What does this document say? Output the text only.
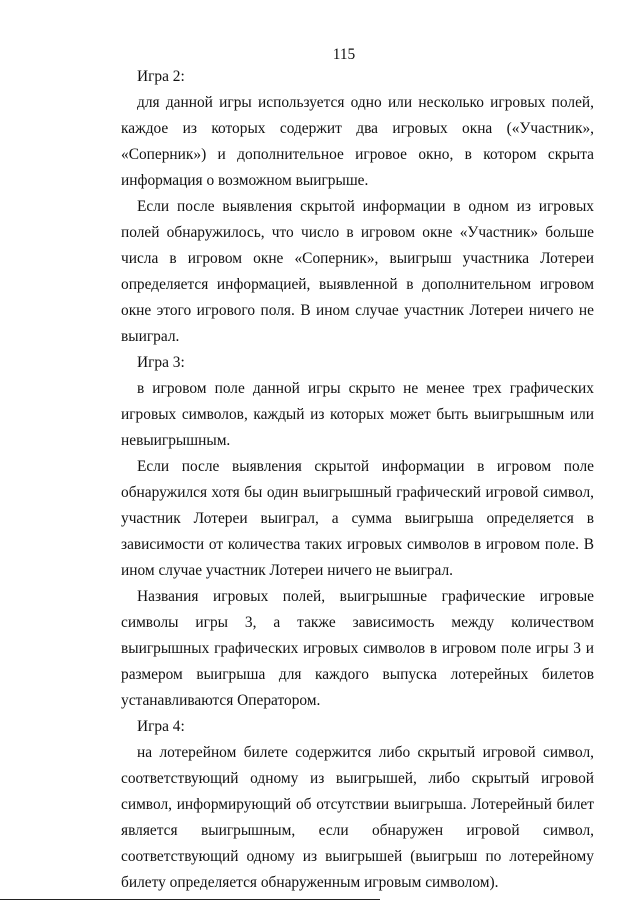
115

Игра 2:

для данной игры используется одно или несколько игровых полей, каждое из которых содержит два игровых окна («Участник», «Соперник») и дополнительное игровое окно, в котором скрыта информация о возможном выигрыше.

Если после выявления скрытой информации в одном из игровых полей обнаружилось, что число в игровом окне «Участник» больше числа в игровом окне «Соперник», выигрыш участника Лотереи определяется информацией, выявленной в дополнительном игровом окне этого игрового поля. В ином случае участник Лотереи ничего не выиграл.

Игра 3:

в игровом поле данной игры скрыто не менее трех графических игровых символов, каждый из которых может быть выигрышным или невыигрышным.

Если после выявления скрытой информации в игровом поле обнаружился хотя бы один выигрышный графический игровой символ, участник Лотереи выиграл, а сумма выигрыша определяется в зависимости от количества таких игровых символов в игровом поле. В ином случае участник Лотереи ничего не выиграл.

Названия игровых полей, выигрышные графические игровые символы игры 3, а также зависимость между количеством выигрышных графических игровых символов в игровом поле игры 3 и размером выигрыша для каждого выпуска лотерейных билетов устанавливаются Оператором.

Игра 4:

на лотерейном билете содержится либо скрытый игровой символ, соответствующий одному из выигрышей, либо скрытый игровой символ, информирующий об отсутствии выигрыша. Лотерейный билет является выигрышным, если обнаружен игровой символ, соответствующий одному из выигрышей (выигрыш по лотерейному билету определяется обнаруженным игровым символом).
